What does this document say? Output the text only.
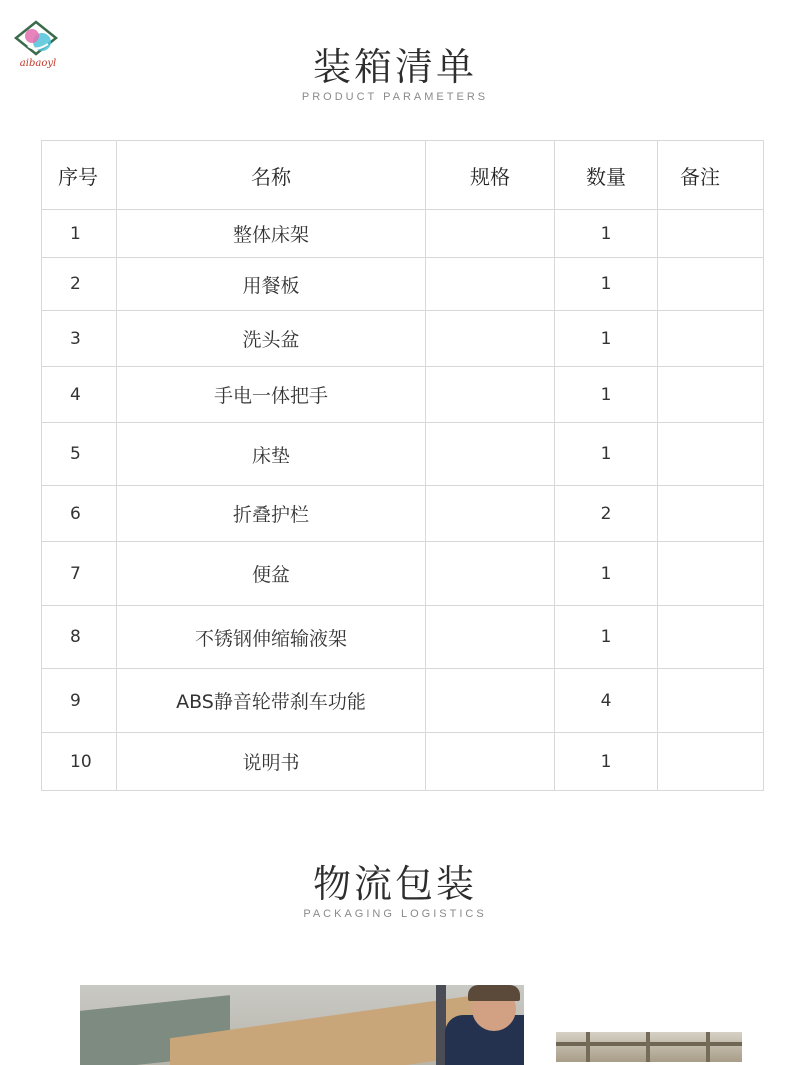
aibaoyl	装箱清单
PRODUCT PARAMETERS
序号	名称	规格	数量	备注
1	整体床架		1	
2	用餐板		1	
3	洗头盆		1	
4	手电一体把手		1	
5	床垫		1	
6	折叠护栏		2	
7	便盆		1	
8	不锈钢伸缩输液架		1	
9	ABS静音轮带刹车功能		4	
10	说明书		1	
物流包装
PACKAGING LOGISTICS
